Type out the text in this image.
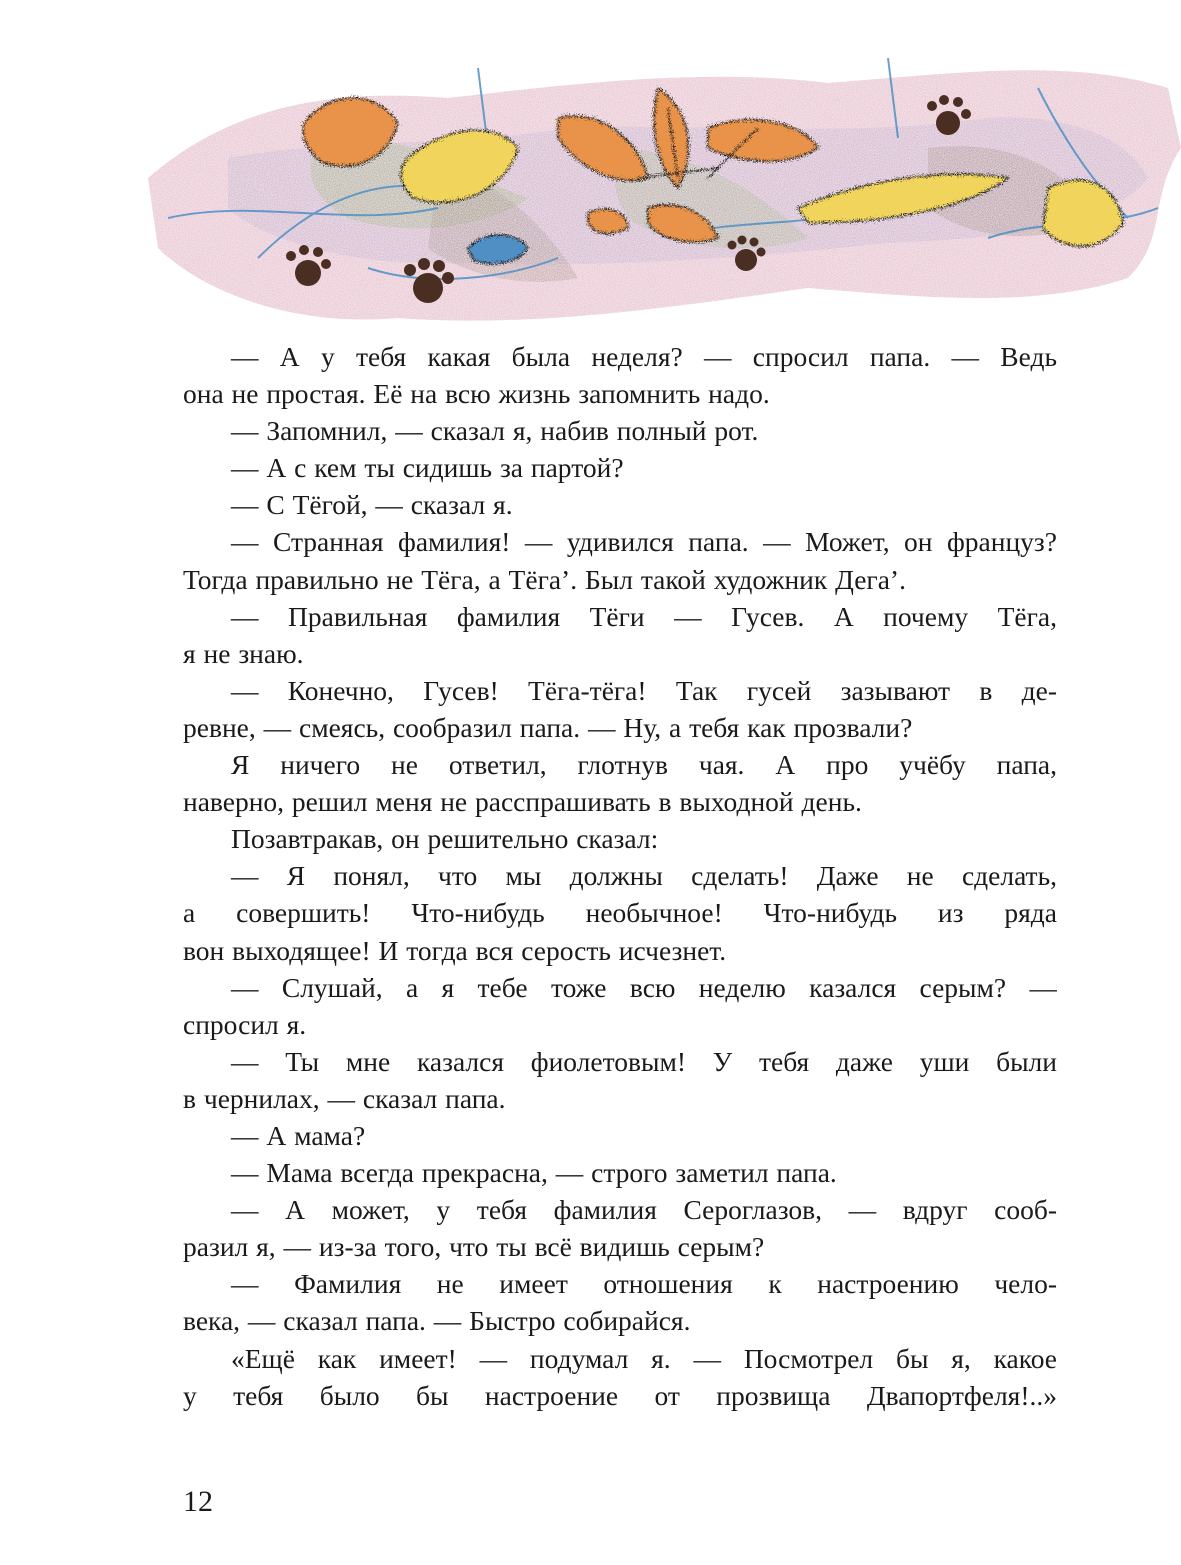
— А у тебя какая была неделя? — спросил папа. — Ведь
она не простая. Её на всю жизнь запомнить надо.
— Запомнил, — сказал я, набив полный рот.
— А с кем ты сидишь за партой?
— С Тёгой, — сказал я.
— Странная фамилия! — удивился папа. — Может, он француз?
Тогда правильно не Тёга, а Тёга’. Был такой художник Дега’.
— Правильная фамилия Тёги — Гусев. А почему Тёга,
я не знаю.
— Конечно, Гусев! Тёга-тёга! Так гусей зазывают в де-
ревне, — смеясь, сообразил папа. — Ну, а тебя как прозвали?
Я ничего не ответил, глотнув чая. А про учёбу папа,
наверно, решил меня не расспрашивать в выходной день.
Позавтракав, он решительно сказал:
— Я понял, что мы должны сделать! Даже не сделать,
а совершить! Что-нибудь необычное! Что-нибудь из ряда
вон выходящее! И тогда вся серость исчезнет.
— Слушай, а я тебе тоже всю неделю казался серым? —
спросил я.
— Ты мне казался фиолетовым! У тебя даже уши были
в чернилах, — сказал папа.
— А мама?
— Мама всегда прекрасна, — строго заметил папа.
— А может, у тебя фамилия Сероглазов, — вдруг сооб-
разил я, — из-за того, что ты всё видишь серым?
— Фамилия не имеет отношения к настроению чело-
века, — сказал папа. — Быстро собирайся.
«Ещё как имеет! — подумал я. — Посмотрел бы я, какое
у тебя было бы настроение от прозвища Двапортфеля!..»
12
